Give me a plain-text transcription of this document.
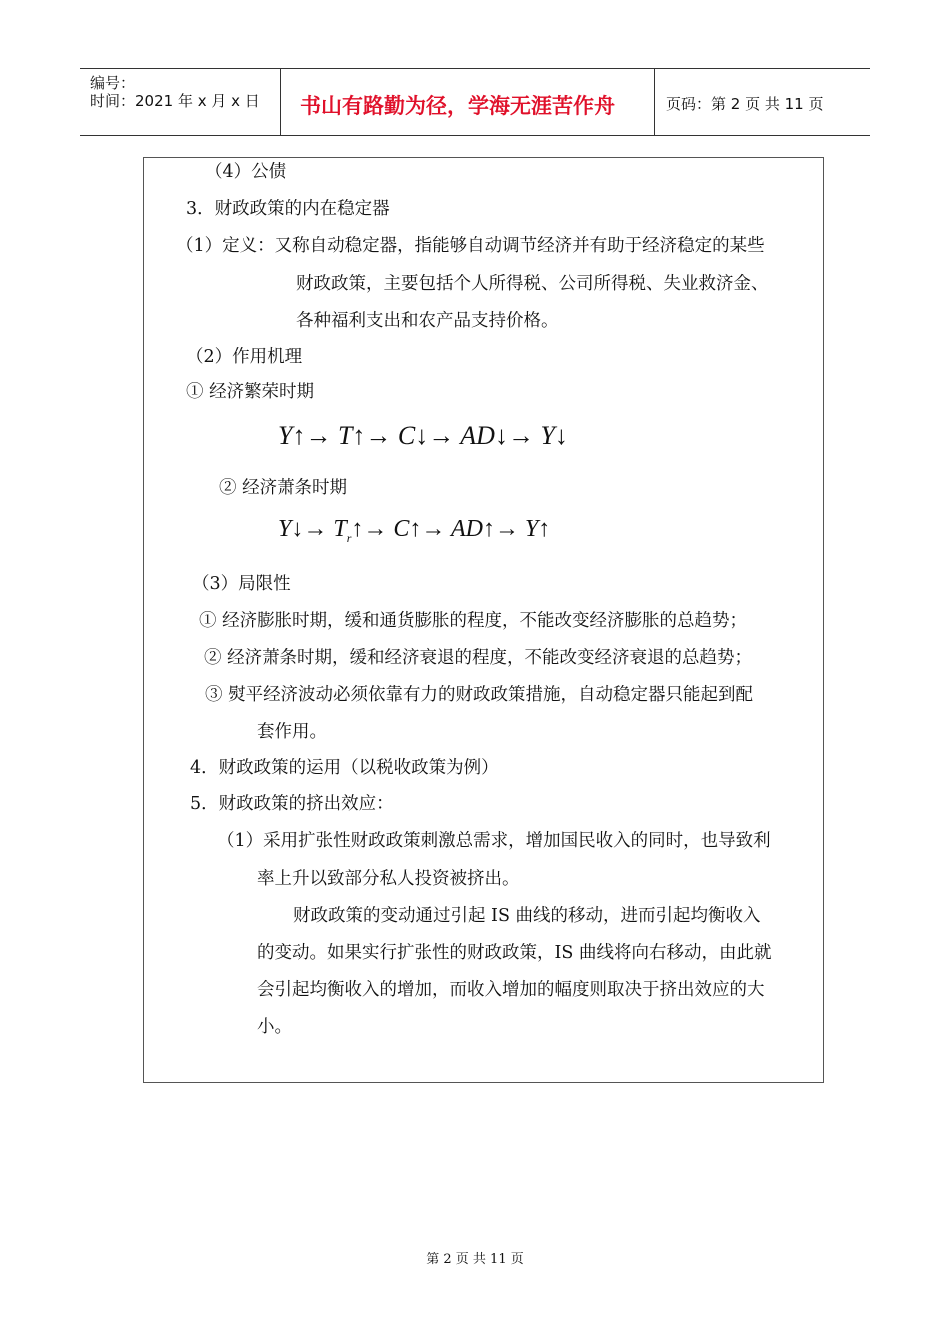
编号：
时间：2021 年 x 月 x 日 书山有路勤为径，学海无涯苦作舟	页码：第 2 页 共 11 页
（4）公债
3．财政政策的内在稳定器
（1）定义：又称自动稳定器，指能够自动调节经济并有助于经济稳定的某些
财政政策，主要包括个人所得税、公司所得税、失业救济金、
各种福利支出和农产品支持价格。
（2）作用机理
① 经济繁荣时期
Y↑→ T↑→ C↓→ AD↓→ Y↓
② 经济萧条时期
Y↓→ $T_r↑\to$ C↑→ AD↑→ Y↑
（3）局限性
① 经济膨胀时期，缓和通货膨胀的程度，不能改变经济膨胀的总趋势；
② 经济萧条时期，缓和经济衰退的程度，不能改变经济衰退的总趋势；
③ 熨平经济波动必须依靠有力的财政政策措施，自动稳定器只能起到配
套作用。
4．财政政策的运用（以税收政策为例）
5．财政政策的挤出效应：
（1）采用扩张性财政政策刺激总需求，增加国民收入的同时，也导致利
率上升以致部分私人投资被挤出。
财政政策的变动通过引起 IS 曲线的移动，进而引起均衡收入
的变动。如果实行扩张性的财政政策，IS 曲线将向右移动，由此就
会引起均衡收入的增加，而收入增加的幅度则取决于挤出效应的大
小。
第 2 页 共 11 页
